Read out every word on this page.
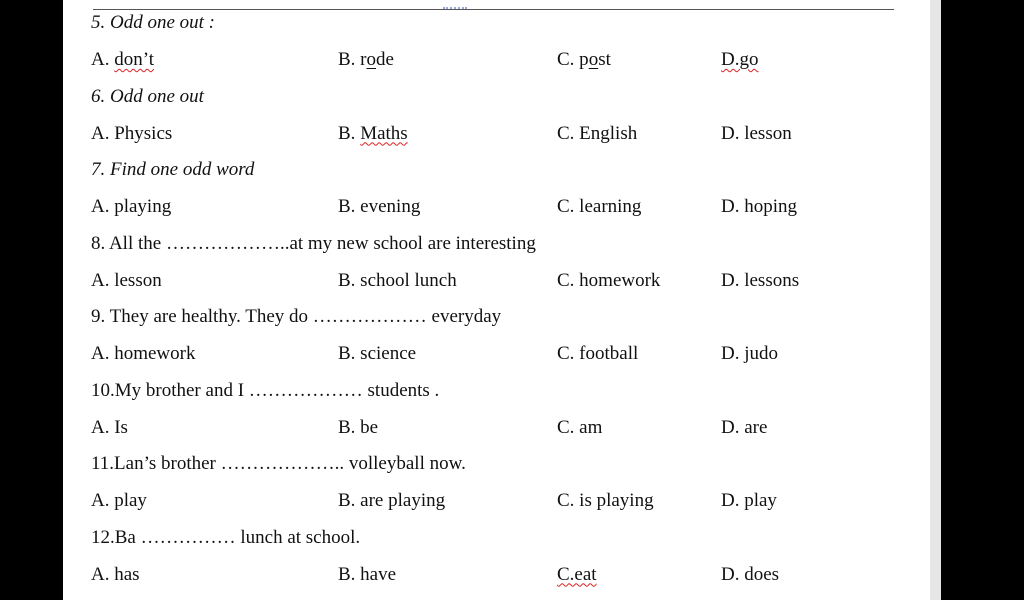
5. Odd one out :
A. don’t	B. rode	C. post	D.go
6. Odd one out
A. Physics	B. Maths	C. English	D. lesson
7. Find one odd word
A. playing	B. evening	C. learning	D. hoping
8. All the ………………..at my new school are interesting
A. lesson	B. school lunch	C. homework	D. lessons
9. They are healthy. They do ……………… everyday
A. homework	B. science	C. football	D. judo
10.My brother and I ……………… students .
A. Is	B. be	C. am	D. are
11.Lan’s brother ……………….. volleyball now.
A. play	B. are playing	C. is playing	D. play
12.Ba …………… lunch at school.
A. has	B. have	C.eat	D. does
